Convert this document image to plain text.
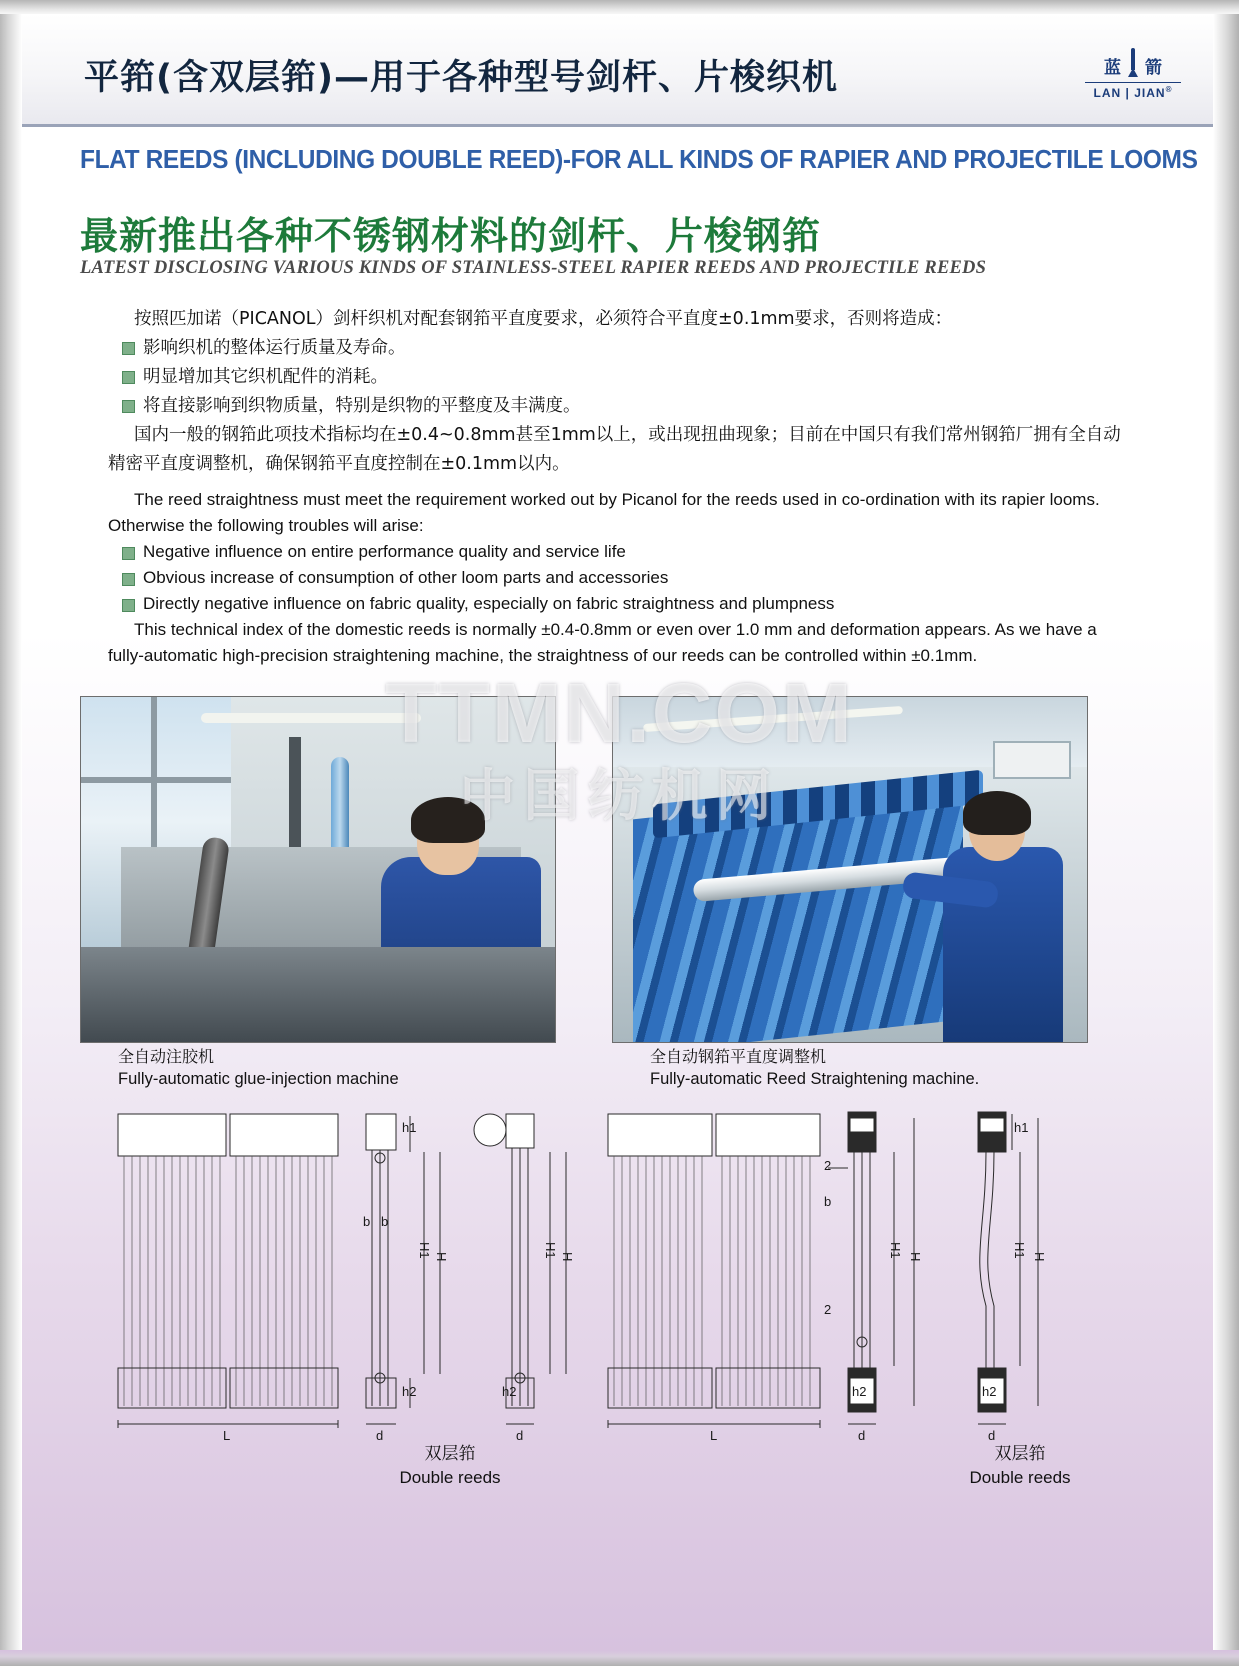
平筘(含双层筘)—用于各种型号剑杆、片梭织机	蓝 箭
LAN | JIAN®
FLAT REEDS (INCLUDING DOUBLE REED)-FOR ALL KINDS OF RAPIER AND PROJECTILE LOOMS
最新推出各种不锈钢材料的剑杆、片梭钢筘
LATEST DISCLOSING VARIOUS KINDS OF STAINLESS-STEEL RAPIER REEDS AND PROJECTILE REEDS
按照匹加诺（PICANOL）剑杆织机对配套钢筘平直度要求，必须符合平直度±0.1mm要求，否则将造成：
影响织机的整体运行质量及寿命。
明显增加其它织机配件的消耗。
将直接影响到织物质量，特别是织物的平整度及丰满度。
国内一般的钢筘此项技术指标均在±0.4~0.8mm甚至1mm以上，或出现扭曲现象；目前在中国只有我们常州钢筘厂拥有全自动精密平直度调整机，确保钢筘平直度控制在±0.1mm以内。
The reed straightness must meet the requirement worked out by Picanol for the reeds used in co-ordination with its rapier looms. Otherwise the following troubles will arise:
Negative influence on entire performance quality and service life
Obvious increase of consumption of other loom parts and accessories
Directly negative influence on fabric quality, especially on fabric straightness and plumpness
This technical index of the domestic reeds is normally ±0.4-0.8mm or even over 1.0 mm and deformation appears. As we have a fully-automatic high-precision straightening machine, the straightness of our reeds can be controlled within ±0.1mm.
全自动注胶机
Fully-automatic glue-injection machine
全自动钢筘平直度调整机
Fully-automatic Reed Straightening machine.
TTMN.COM
中国纺机网
h1
H1 H
h2
b b
d
L
H1 H
h2
d	L
2
b
2
H1 H
h2
d
h1
H1 H
h2
d
双层筘
Double reeds
双层筘
Double reeds
